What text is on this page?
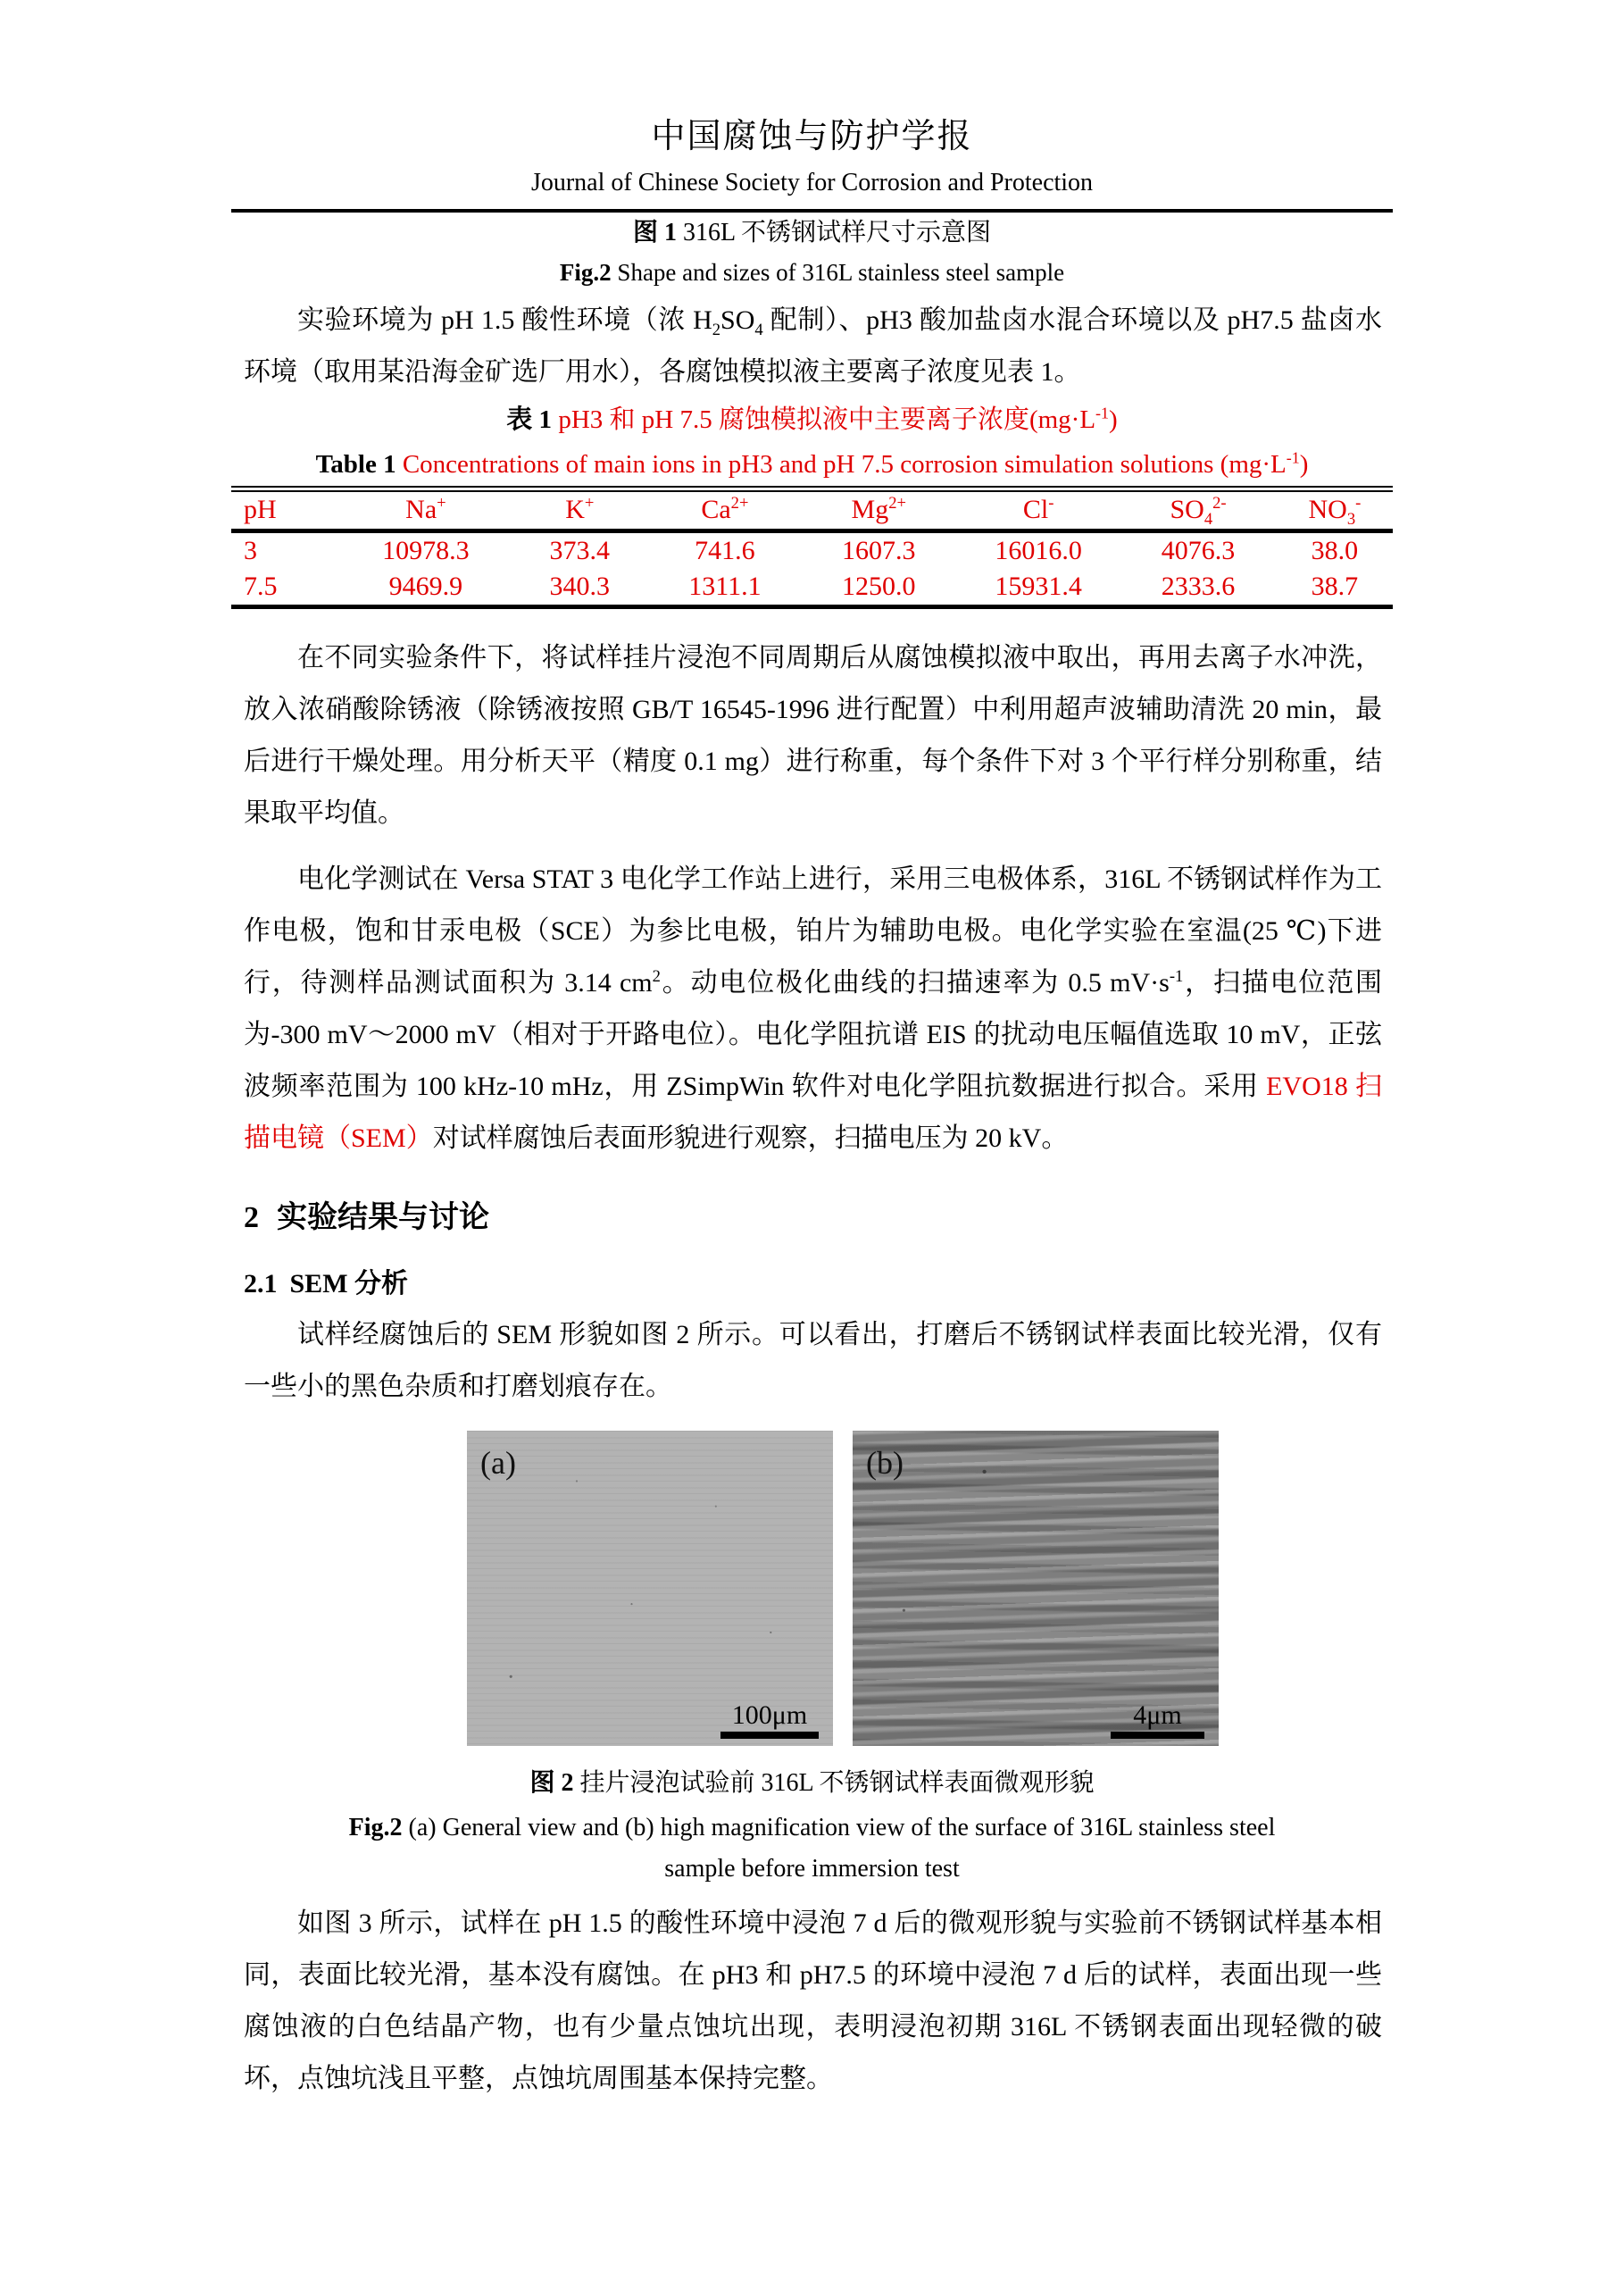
中国腐蚀与防护学报
Journal of Chinese Society for Corrosion and Protection
图 1 316L 不锈钢试样尺寸示意图
Fig.2 Shape and sizes of 316L stainless steel sample

实验环境为 pH 1.5 酸性环境（浓 $H_2SO_4$ 配制）、pH3 酸加盐卤水混合环境以及 pH7.5 盐卤水环境（取用某沿海金矿选厂用水），各腐蚀模拟液主要离子浓度见表 1。

表 1 pH3 和 pH 7.5 腐蚀模拟液中主要离子浓度$(mg\cdot L^{-1})$
Table 1 Concentrations of main ions in pH3 and pH 7.5 corrosion simulation solutions $(mg\cdot L^{-1})$
pH	Na+	K+	$Ca^{2+}$	$Mg^{2+}$	Cl-	$SO_4^{2-}$	$NO_3^-$
3	10978.3	373.4	741.6	1607.3	16016.0	4076.3	38.0
7.5	9469.9	340.3	1311.1	1250.0	15931.4	2333.6	38.7

在不同实验条件下，将试样挂片浸泡不同周期后从腐蚀模拟液中取出，再用去离子水冲洗，放入浓硝酸除锈液（除锈液按照 GB/T 16545-1996 进行配置）中利用超声波辅助清洗 20 min，最后进行干燥处理。用分析天平（精度 0.1 mg）进行称重，每个条件下对 3 个平行样分别称重，结果取平均值。

电化学测试在 Versa STAT 3 电化学工作站上进行，采用三电极体系，316L 不锈钢试样作为工作电极，饱和甘汞电极（SCE）为参比电极，铂片为辅助电极。电化学实验在室温(25 ℃)下进行，待测样品测试面积为 3.14 $cm^2$。动电位极化曲线的扫描速率为 0.5 $mV\cdot s^{-1}$，扫描电位范围为-300 mV～2000 mV（相对于开路电位）。电化学阻抗谱 EIS 的扰动电压幅值选取 10 mV，正弦波频率范围为 100 kHz-10 mHz，用 ZSimpWin 软件对电化学阻抗数据进行拟合。采用 EVO18 扫描电镜（SEM）对试样腐蚀后表面形貌进行观察，扫描电压为 20 kV。

2 实验结果与讨论
2.1 SEM 分析

试样经腐蚀后的 SEM 形貌如图 2 所示。可以看出，打磨后不锈钢试样表面比较光滑，仅有一些小的黑色杂质和打磨划痕存在。

(a)
100μm
(b)
4μm
图 2 挂片浸泡试验前 316L 不锈钢试样表面微观形貌
Fig.2 (a) General view and (b) high magnification view of the surface of 316L stainless steel
sample before immersion test

如图 3 所示，试样在 pH 1.5 的酸性环境中浸泡 7 d 后的微观形貌与实验前不锈钢试样基本相同，表面比较光滑，基本没有腐蚀。在 pH3 和 pH7.5 的环境中浸泡 7 d 后的试样，表面出现一些腐蚀液的白色结晶产物，也有少量点蚀坑出现，表明浸泡初期 316L 不锈钢表面出现轻微的破坏，点蚀坑浅且平整，点蚀坑周围基本保持完整。
